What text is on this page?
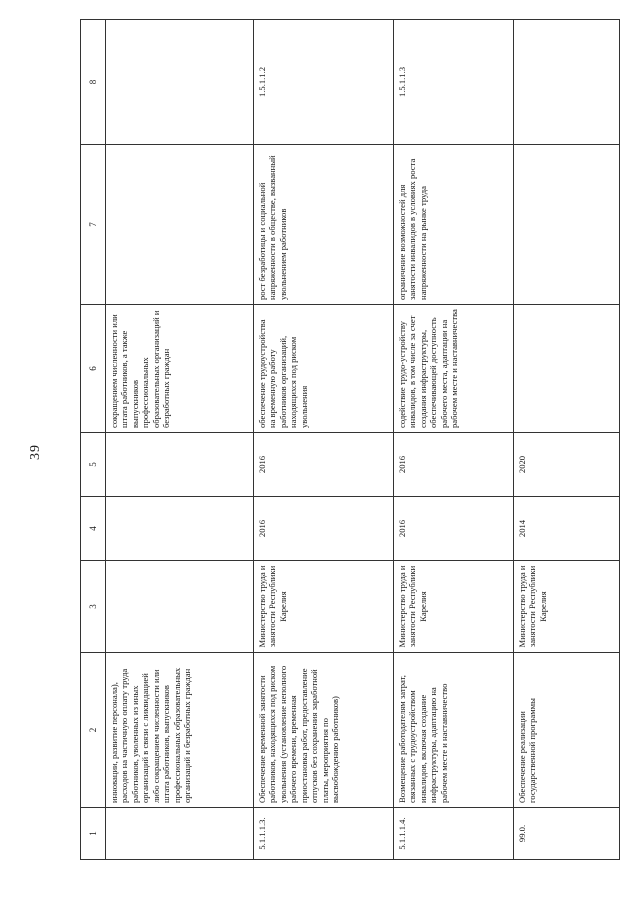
39
1	2	3	4	5	6	7	8
	инновации, развитие персонала), расходов на частичную оплату труда работников, уволенных из иных организаций в связи с ликвидацией либо сокращением численности или штата работников, выпускников профессиональных образовательных организаций и безработных граждан				сокращением численности или штата работников, а также выпускников профессиональных образовательных организаций и безработных граждан		
5.1.1.1.3.	Обеспечение временной занятости работников, находящихся под риском увольнения (установление неполного рабочего времени, временная приостановка работ, предоставление отпусков без сохранения заработной платы, мероприятия по высвобождению работников)	Министерство труда и занятости Республики Карелия	2016	2016	обеспечение трудоустройства на временную работу работников организаций, находящихся под риском увольнения	рост безработицы и социальной напряженности в обществе, вызванный увольнением работников	1.5.1.1.2
5.1.1.1.4.	Возмещение работодателям затрат, связанных с трудоустройством инвалидов, включая создание инфраструктуры, адаптацию на рабочем месте и наставничество	Министерство труда и занятости Республики Карелия	2016	2016	содействие трудо-устройству инвалидов, в том числе за счет создания инфраструктуры, обеспечивающей доступность рабочего места, адаптации на рабочем месте и наставничества	ограничение возможностей для занятости инвалидов в условиях роста напряженности на рынке труда	1.5.1.1.3
99.0.	Обеспечение реализации государственной программы	Министерство труда и занятости Республики Карелия	2014	2020			
